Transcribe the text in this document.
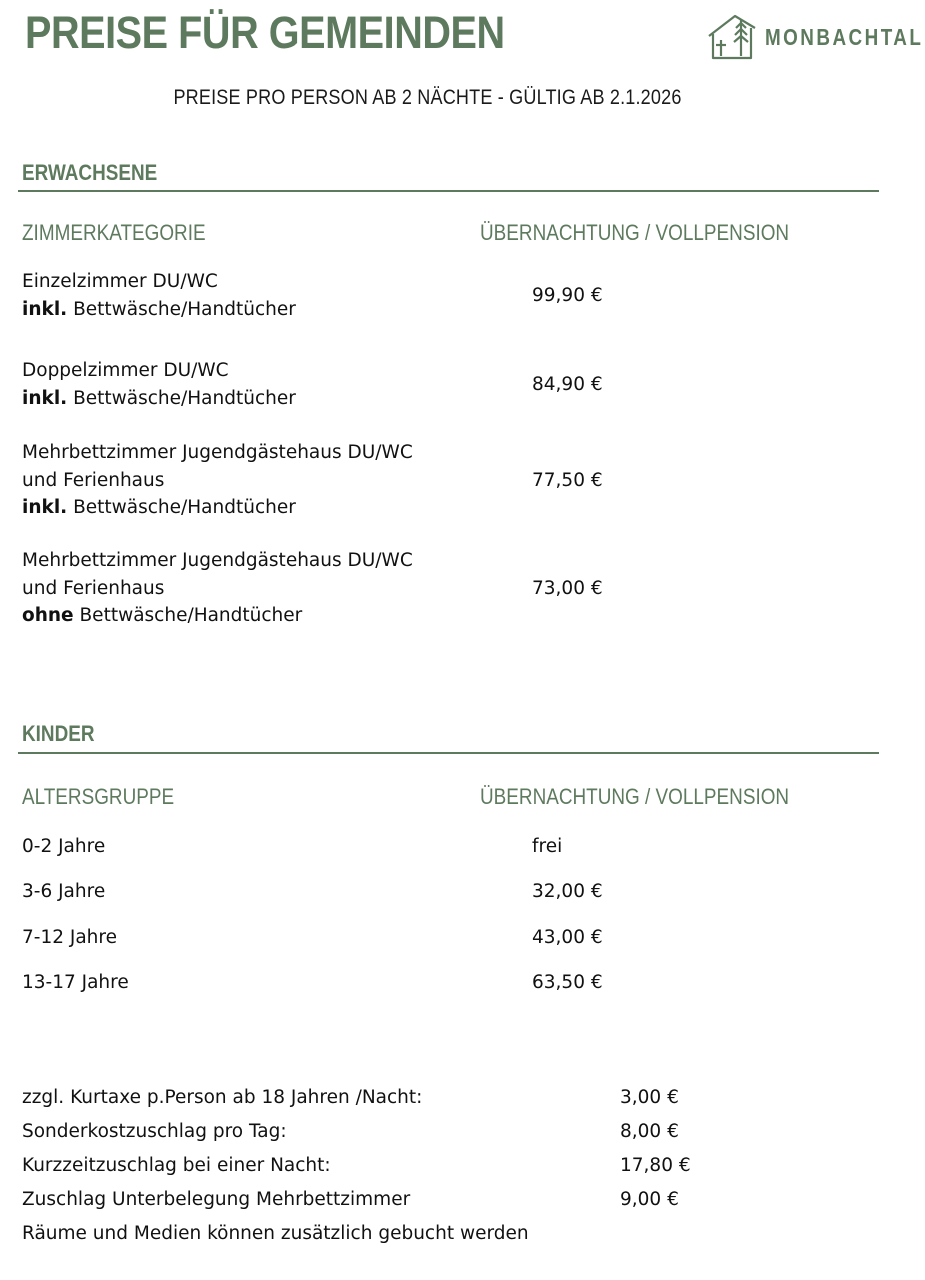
PREISE FÜR GEMEINDEN	MONBACHTAL
PREISE PRO PERSON AB 2 NÄCHTE - GÜLTIG AB 2.1.2026
ERWACHSENE
ZIMMERKATEGORIE	ÜBERNACHTUNG / VOLLPENSION
Einzelzimmer DU/WC
inkl. Bettwäsche/Handtücher
99,90 €
Doppelzimmer DU/WC
inkl. Bettwäsche/Handtücher
84,90 €
Mehrbettzimmer Jugendgästehaus DU/WC
und Ferienhaus
inkl. Bettwäsche/Handtücher
77,50 €
Mehrbettzimmer Jugendgästehaus DU/WC
und Ferienhaus
ohne Bettwäsche/Handtücher
73,00 €
KINDER
ALTERSGRUPPE	ÜBERNACHTUNG / VOLLPENSION
0-2 Jahre	frei
3-6 Jahre	32,00 €
7-12 Jahre	43,00 €
13-17 Jahre	63,50 €
zzgl. Kurtaxe p.Person ab 18 Jahren /Nacht:	3,00 €
Sonderkostzuschlag pro Tag:	8,00 €
Kurzzeitzuschlag bei einer Nacht:	17,80 €
Zuschlag Unterbelegung Mehrbettzimmer	9,00 €
Räume und Medien können zusätzlich gebucht werden
